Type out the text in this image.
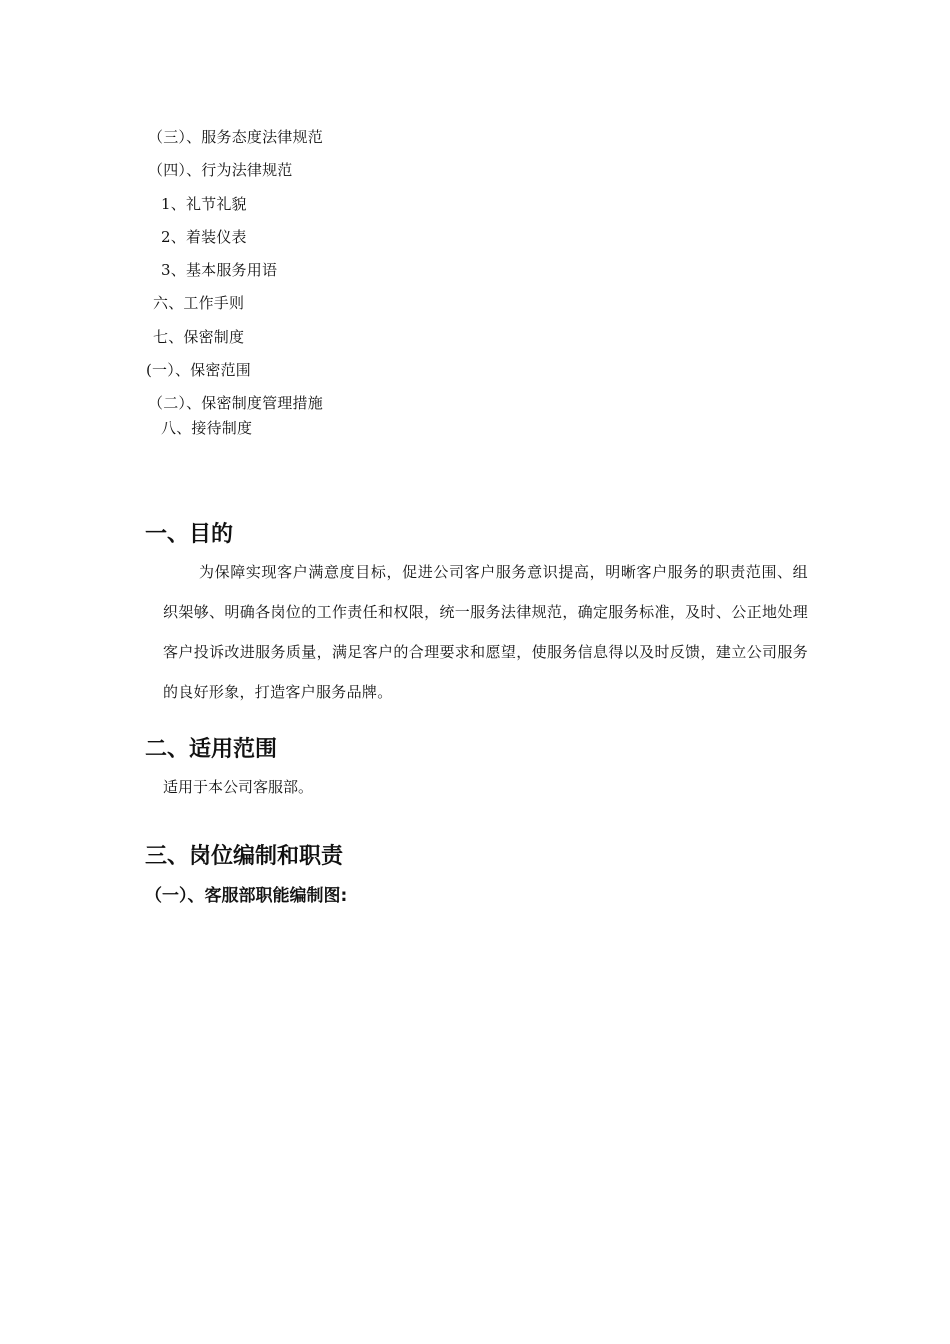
（三）、服务态度法律规范
（四）、行为法律规范
1、礼节礼貌
2、着装仪表
3、基本服务用语
六、工作手则
七、保密制度
(一）、保密范围
（二）、保密制度管理措施
八、接待制度
一、目的
为保障实现客户满意度目标，促进公司客户服务意识提高，明晰客户服务的职责范围、组织架够、明确各岗位的工作责任和权限，统一服务法律规范，确定服务标准，及时、公正地处理客户投诉改进服务质量，满足客户的合理要求和愿望，使服务信息得以及时反馈，建立公司服务的良好形象，打造客户服务品牌。
二、适用范围
适用于本公司客服部。
三、岗位编制和职责
（一）、客服部职能编制图:
